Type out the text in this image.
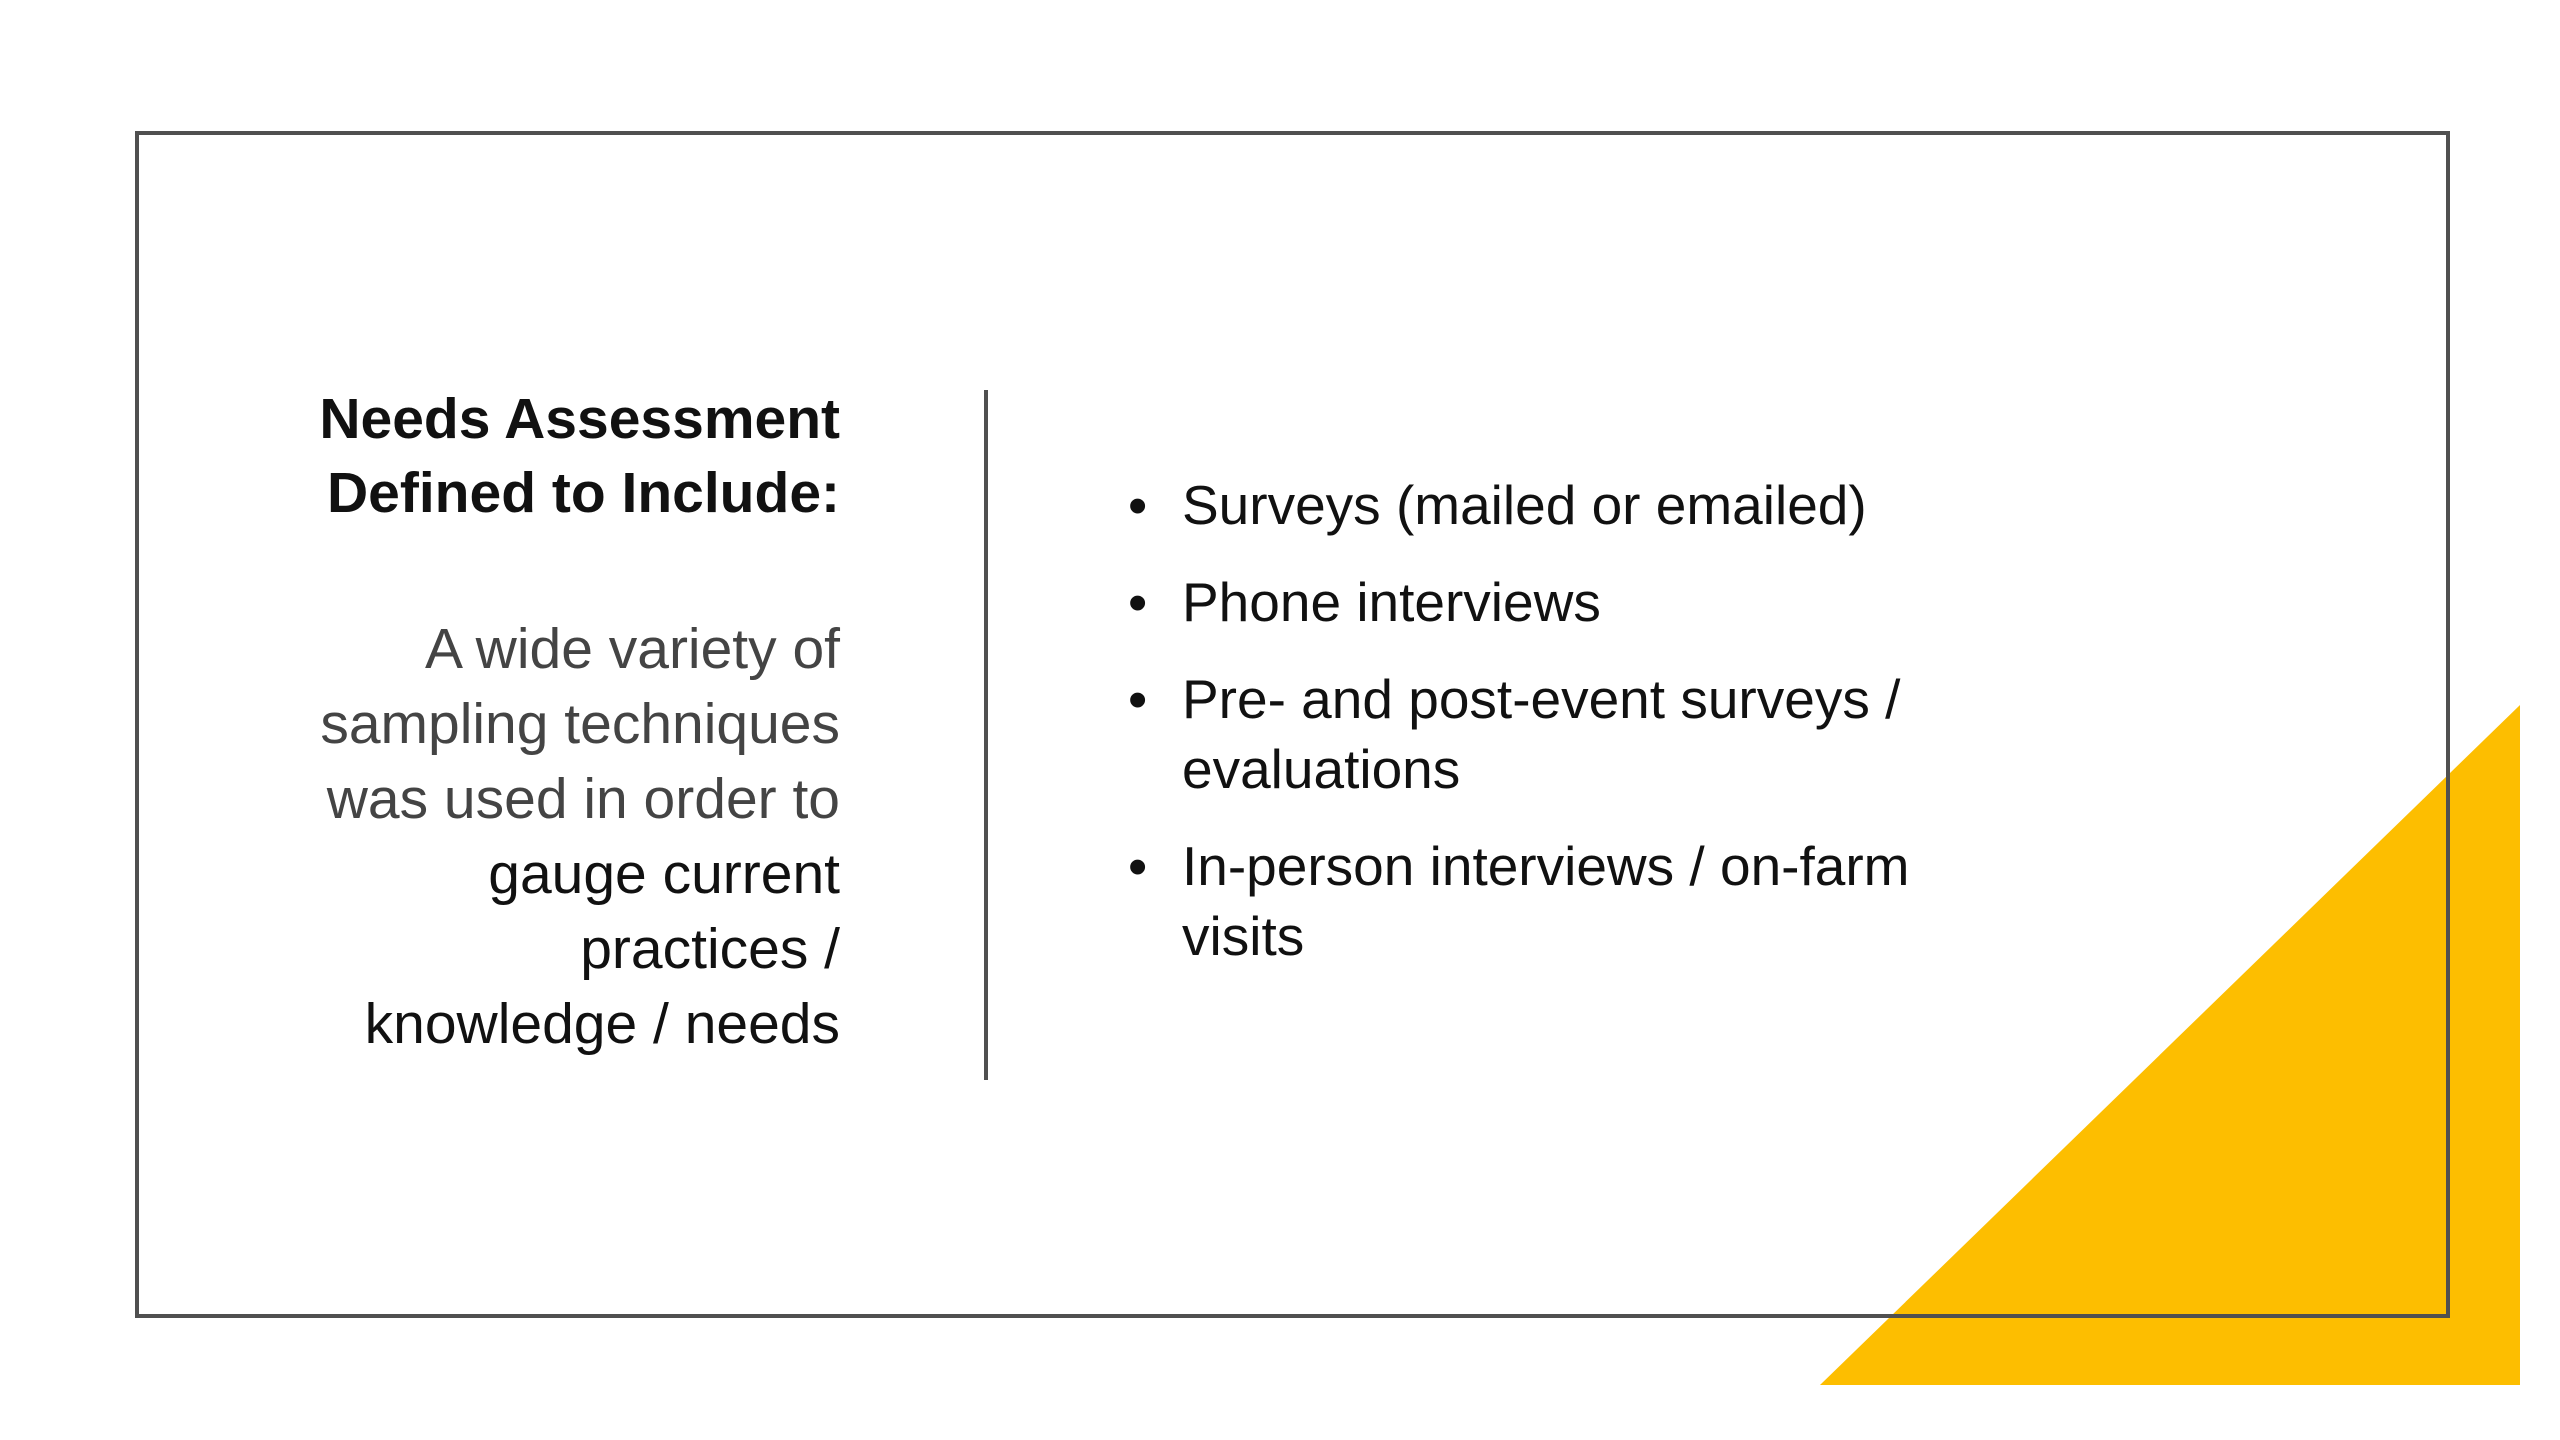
Needs Assessment
Defined to Include:

A wide variety of
sampling techniques
was used in order to
gauge current
practices /
knowledge / needs

• Surveys (mailed or emailed)
• Phone interviews
• Pre- and post-event surveys /
evaluations
• In-person interviews / on-farm
visits
